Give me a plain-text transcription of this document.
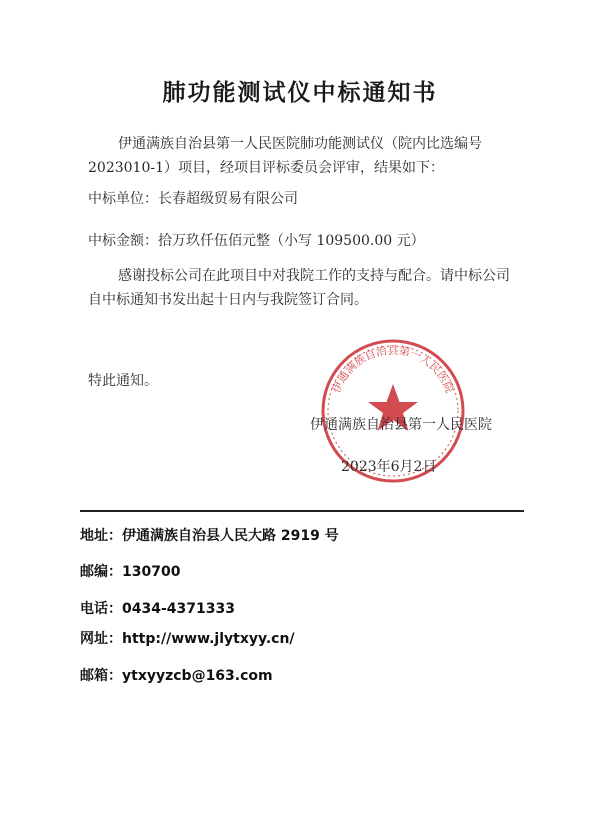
肺功能测试仪中标通知书
伊通满族自治县第一人民医院肺功能测试仪（院内比选编号2023010-1）项目，经项目评标委员会评审，结果如下：
中标单位：长春超级贸易有限公司
中标金额：拾万玖仟伍佰元整（小写 109500.00 元）
感谢投标公司在此项目中对我院工作的支持与配合。请中标公司自中标通知书发出起十日内与我院签订合同。
特此通知。	伊通满族自治县第一人民医院
伊通满族自治县第一人民医院
2023年6月2日
地址：伊通满族自治县人民大路 2919 号
邮编：130700
电话：0434-4371333
网址：http://www.jlytxyy.cn/
邮箱：ytxyyzcb@163.com
